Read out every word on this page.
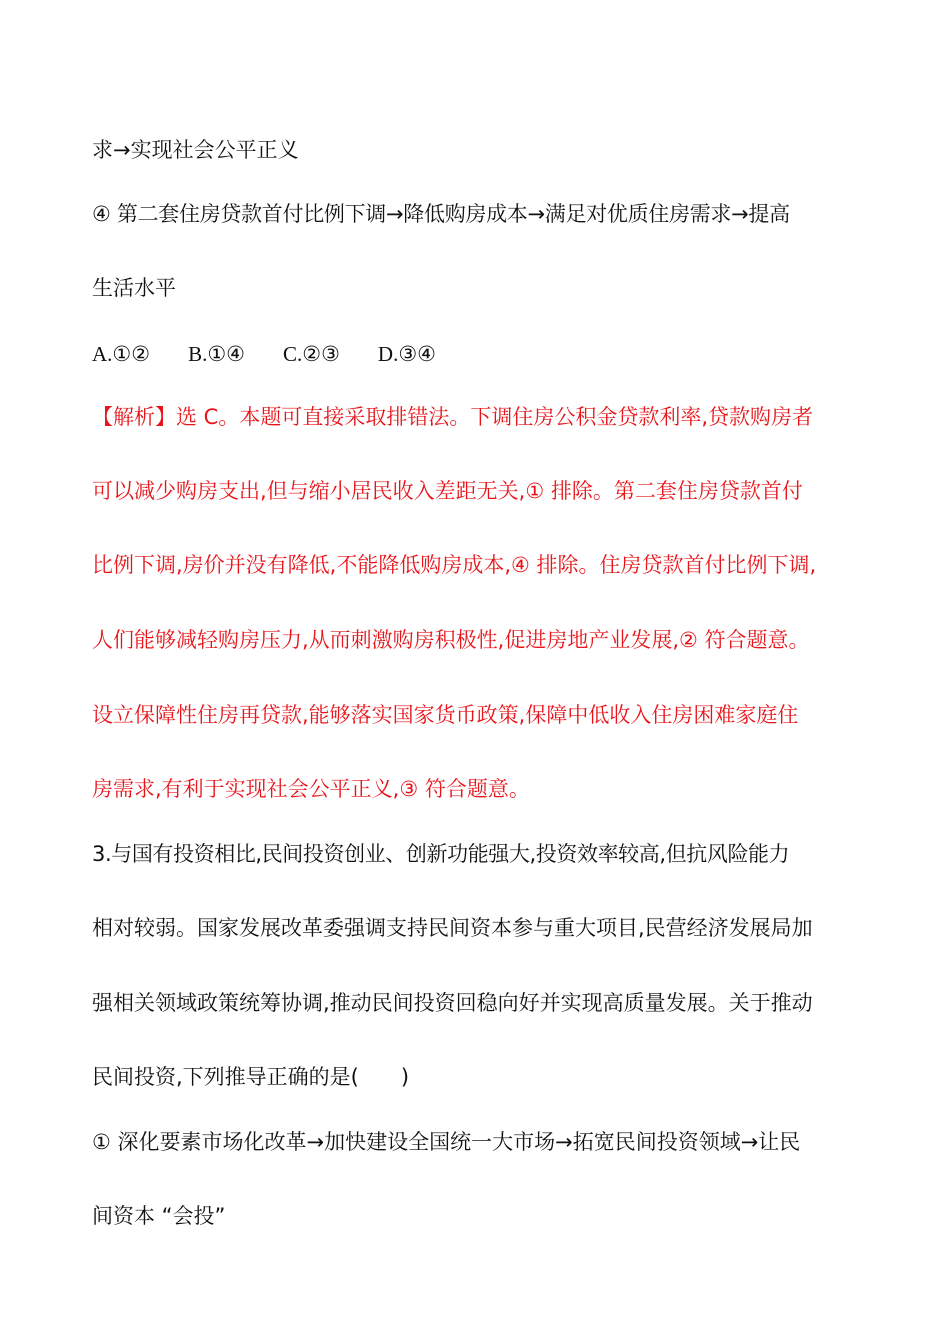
求→实现社会公平正义

④ 第二套住房贷款首付比例下调→降低购房成本→满足对优质住房需求→提高

生活水平

A.①② B.①④ C.②③ D.③④

【解析】选 C。本题可直接采取排错法。下调住房公积金贷款利率,贷款购房者

可以减少购房支出,但与缩小居民收入差距无关,① 排除。第二套住房贷款首付

比例下调,房价并没有降低,不能降低购房成本,④ 排除。住房贷款首付比例下调,

人们能够减轻购房压力,从而刺激购房积极性,促进房地产业发展,② 符合题意。

设立保障性住房再贷款,能够落实国家货币政策,保障中低收入住房困难家庭住

房需求,有利于实现社会公平正义,③ 符合题意。

3.与国有投资相比,民间投资创业、创新功能强大,投资效率较高,但抗风险能力

相对较弱。国家发展改革委强调支持民间资本参与重大项目,民营经济发展局加

强相关领域政策统筹协调,推动民间投资回稳向好并实现高质量发展。关于推动

民间投资,下列推导正确的是(　　)

① 深化要素市场化改革→加快建设全国统一大市场→拓宽民间投资领域→让民

间资本 “会投”
